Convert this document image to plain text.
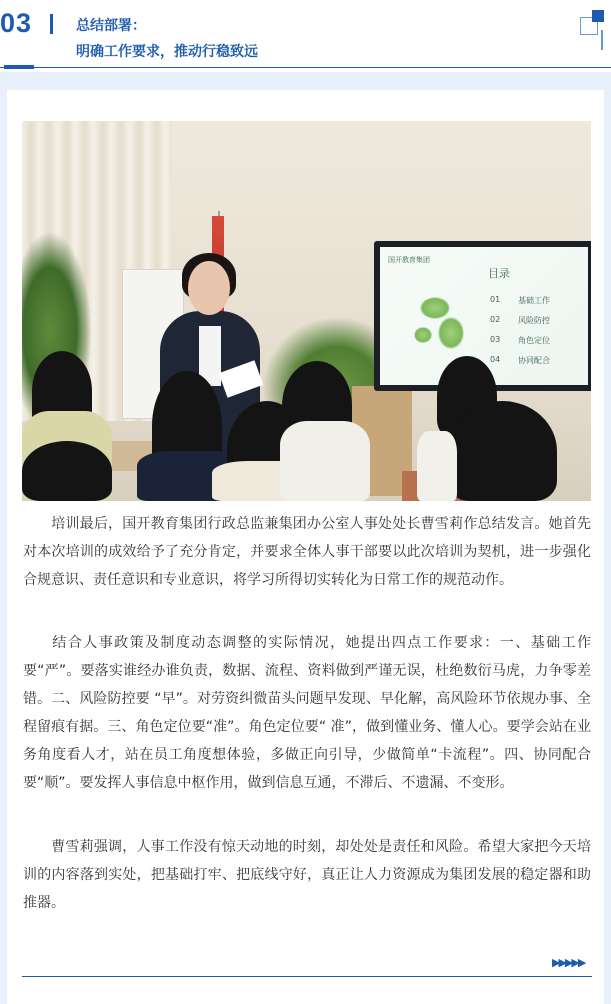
03	总结部署：
明确工作要求，推动行稳致远
国开教育集团
目录
01 基础工作
02 风险防控
03 角色定位
04 协同配合

培训最后，国开教育集团行政总监兼集团办公室人事处处长曹雪莉作总结发言。她首先对本次培训的成效给予了充分肯定，并要求全体人事干部要以此次培训为契机，进一步强化合规意识、责任意识和专业意识，将学习所得切实转化为日常工作的规范动作。

结合人事政策及制度动态调整的实际情况，她提出四点工作要求：一、基础工作要“严”。要落实谁经办谁负责，数据、流程、资料做到严谨无误，杜绝数衍马虎，力争零差错。二、风险防控要 “早”。对劳资纠微苗头问题早发现、早化解，高风险环节依规办事、全程留痕有据。三、角色定位要“准”。角色定位要“ 准”，做到懂业务、懂人心。要学会站在业务角度看人才，站在员工角度想体验，多做正向引导，少做简单“卡流程”。四、协同配合要“顺”。要发挥人事信息中枢作用，做到信息互通，不滞后、不遗漏、不变形。

曹雪莉强调，人事工作没有惊天动地的时刻，却处处是责任和风险。希望大家把今天培训的内容落到实处，把基础打牢、把底线守好，真正让人力资源成为集团发展的稳定器和助推器。

▶▶▶▶▶
